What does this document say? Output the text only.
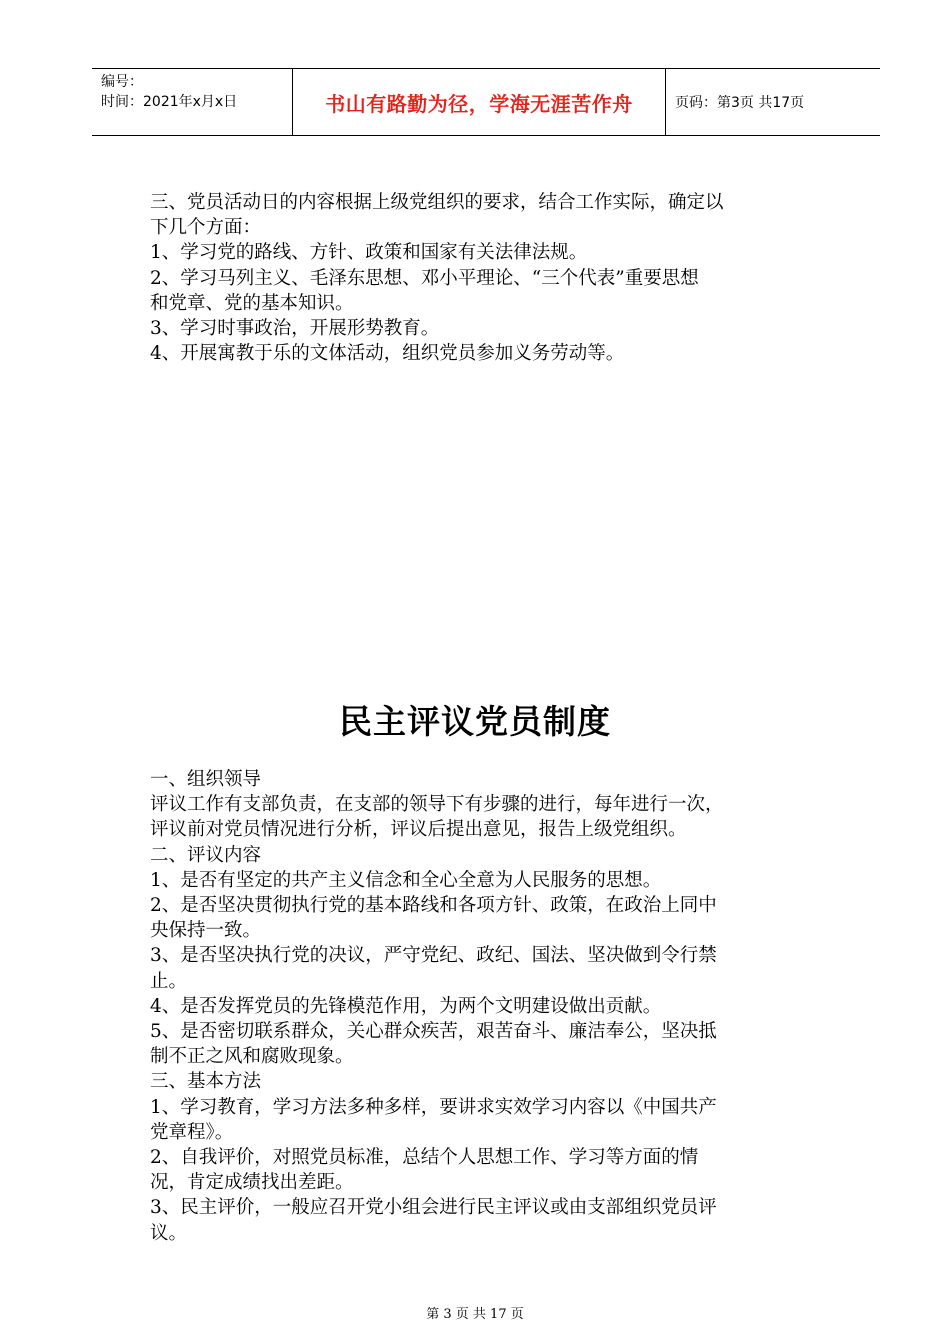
编号：
时间：2021年x月x日	书山有路勤为径，学海无涯苦作舟	页码：第3页 共17页

三、党员活动日的内容根据上级党组织的要求，结合工作实际，确定以

下几个方面：

1、学习党的路线、方针、政策和国家有关法律法规。

2、学习马列主义、毛泽东思想、邓小平理论、“三个代表”重要思想

和党章、党的基本知识。

3、学习时事政治，开展形势教育。

4、开展寓教于乐的文体活动，组织党员参加义务劳动等。

民主评议党员制度

一、组织领导

评议工作有支部负责，在支部的领导下有步骤的进行，每年进行一次，

评议前对党员情况进行分析，评议后提出意见，报告上级党组织。

二、评议内容

1、是否有坚定的共产主义信念和全心全意为人民服务的思想。

2、是否坚决贯彻执行党的基本路线和各项方针、政策，在政治上同中

央保持一致。

3、是否坚决执行党的决议，严守党纪、政纪、国法、坚决做到令行禁

止。

4、是否发挥党员的先锋模范作用，为两个文明建设做出贡献。

5、是否密切联系群众，关心群众疾苦，艰苦奋斗、廉洁奉公，坚决抵

制不正之风和腐败现象。

三、基本方法

1、学习教育，学习方法多种多样，要讲求实效学习内容以《中国共产

党章程》。

2、自我评价，对照党员标准，总结个人思想工作、学习等方面的情

况，肯定成绩找出差距。

3、民主评价，一般应召开党小组会进行民主评议或由支部组织党员评

议。

第 3 页 共 17 页
